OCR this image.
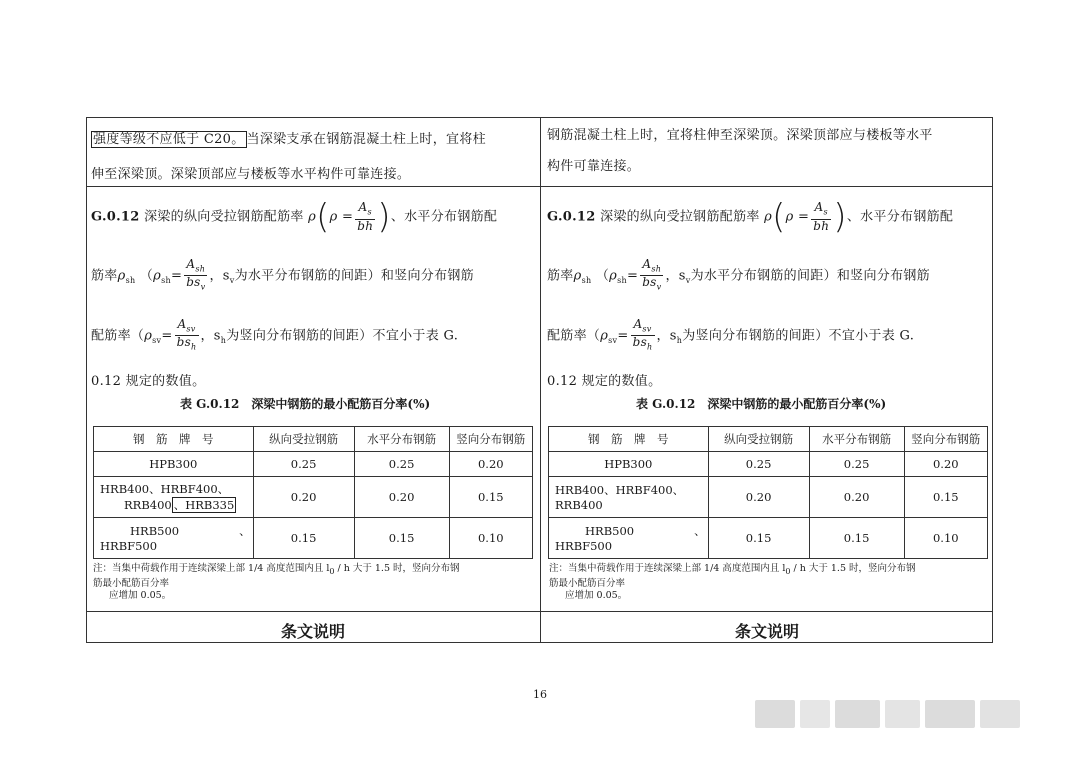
强度等级不应低于 C20。 当深梁支承在钢筋混凝土柱上时，宜将柱
伸至深梁顶。深梁顶部应与楼板等水平构件可靠连接。
钢筋混凝土柱上时，宜将柱伸至深梁顶。深梁顶部应与楼板等水平
构件可靠连接。
G.0.12 深梁的纵向受拉钢筋配筋率 $\rho(\rho = \frac{A_s}{bh}$ )、水平分布钢筋配
筋率$\rho_{sh}$ （$\rho_{sh}= \frac{A_{sh}}{bs_v}$ ，$s_v$为水平分布钢筋的间距）和竖向分布钢筋
配筋率（$\rho_{sv}= \frac{A_{sv}}{bs_h}$ ，$s_h$为竖向分布钢筋的间距）不宜小于表 G.
0.12 规定的数值。
G.0.12 深梁的纵向受拉钢筋配筋率 $\rho(\rho = \frac{A_s}{bh}$ )、水平分布钢筋配
筋率$\rho_{sh}$ （$\rho_{sh}= \frac{A_{sh}}{bs_v}$ ，$s_v$为水平分布钢筋的间距）和竖向分布钢筋
配筋率（$\rho_{sv}= \frac{A_{sv}}{bs_h}$ ，$s_h$为竖向分布钢筋的间距）不宜小于表 G.
0.12 规定的数值。
表 G.0.12　深梁中钢筋的最小配筋百分率(%)	表 G.0.12　深梁中钢筋的最小配筋百分率(%)
钢　筋　牌　号	纵向受拉钢筋	水平分布钢筋	竖向分布钢筋
HPB300	0.25	0.25	0.20

HRB400、HRBF400、
RRB400 、HRB335	0.20	0.20	0.15

HRB500 、
HRBF500	0.15	0.15	0.10
钢　筋　牌　号	纵向受拉钢筋	水平分布钢筋	竖向分布钢筋
HPB300	0.25	0.25	0.20

HRB400、HRBF400、
RRB400	0.20	0.20	0.15

HRB500 、
HRBF500	0.15	0.15	0.10
注：当集中荷载作用于连续深梁上部 1/4 高度范围内且 $l_0$ / h 大于 1.5 时，竖向分布钢
筋最小配筋百分率
应增加 0.05。
注：当集中荷载作用于连续深梁上部 1/4 高度范围内且 $l_0$ / h 大于 1.5 时，竖向分布钢
筋最小配筋百分率
应增加 0.05。
条文说明	条文说明
16
